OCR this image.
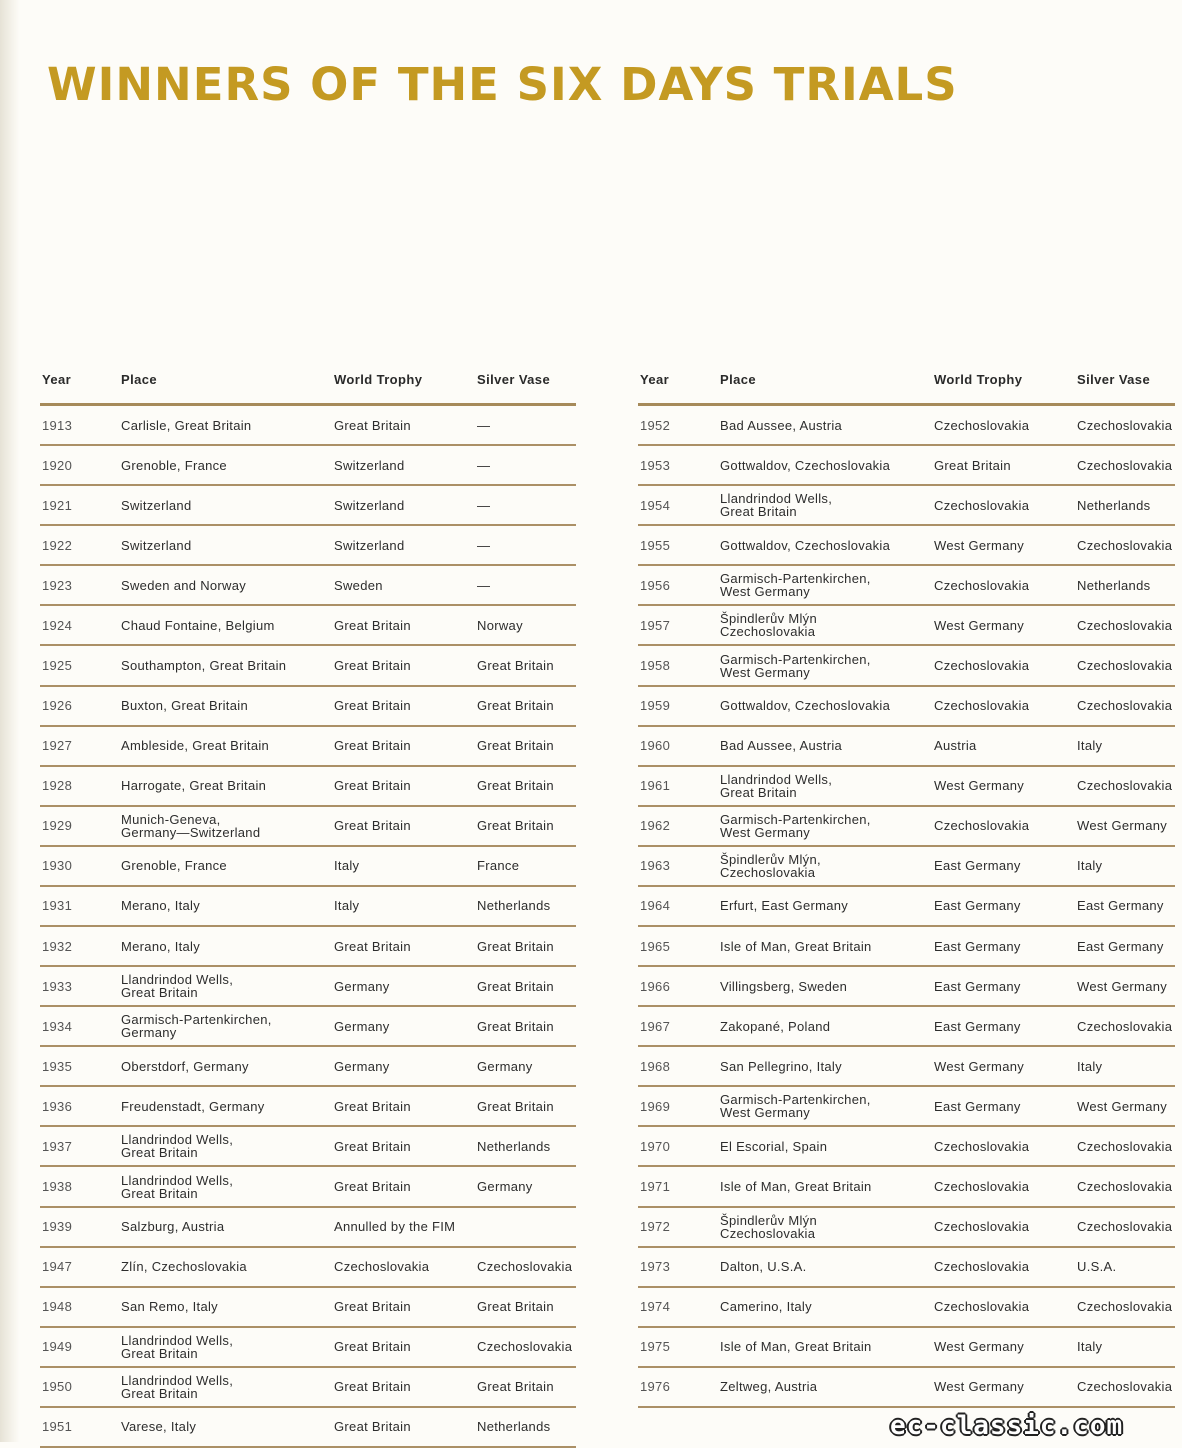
WINNERS OF THE SIX DAYS TRIALS
Year	Place	World Trophy	Silver Vase
1913	Carlisle, Great Britain	Great Britain	—
1920	Grenoble, France	Switzerland	—
1921	Switzerland	Switzerland	—
1922	Switzerland	Switzerland	—
1923	Sweden and Norway	Sweden	—
1924	Chaud Fontaine, Belgium	Great Britain	Norway
1925	Southampton, Great Britain	Great Britain	Great Britain
1926	Buxton, Great Britain	Great Britain	Great Britain
1927	Ambleside, Great Britain	Great Britain	Great Britain
1928	Harrogate, Great Britain	Great Britain	Great Britain
1929	Munich-Geneva,
Germany—Switzerland	Great Britain	Great Britain
1930	Grenoble, France	Italy	France
1931	Merano, Italy	Italy	Netherlands
1932	Merano, Italy	Great Britain	Great Britain
1933	Llandrindod Wells,
Great Britain	Germany	Great Britain
1934	Garmisch-Partenkirchen,
Germany	Germany	Great Britain
1935	Oberstdorf, Germany	Germany	Germany
1936	Freudenstadt, Germany	Great Britain	Great Britain
1937	Llandrindod Wells,
Great Britain	Great Britain	Netherlands
1938	Llandrindod Wells,
Great Britain	Great Britain	Germany
1939	Salzburg, Austria	Annulled by the FIM
1947	Zlín, Czechoslovakia	Czechoslovakia	Czechoslovakia
1948	San Remo, Italy	Great Britain	Great Britain
1949	Llandrindod Wells,
Great Britain	Great Britain	Czechoslovakia
1950	Llandrindod Wells,
Great Britain	Great Britain	Great Britain
1951	Varese, Italy	Great Britain	Netherlands
Year	Place	World Trophy	Silver Vase
1952	Bad Aussee, Austria	Czechoslovakia	Czechoslovakia
1953	Gottwaldov, Czechoslovakia	Great Britain	Czechoslovakia
1954	Llandrindod Wells,
Great Britain	Czechoslovakia	Netherlands
1955	Gottwaldov, Czechoslovakia	West Germany	Czechoslovakia
1956	Garmisch-Partenkirchen,
West Germany	Czechoslovakia	Netherlands
1957	Špindlerův Mlýn
Czechoslovakia	West Germany	Czechoslovakia
1958	Garmisch-Partenkirchen,
West Germany	Czechoslovakia	Czechoslovakia
1959	Gottwaldov, Czechoslovakia	Czechoslovakia	Czechoslovakia
1960	Bad Aussee, Austria	Austria	Italy
1961	Llandrindod Wells,
Great Britain	West Germany	Czechoslovakia
1962	Garmisch-Partenkirchen,
West Germany	Czechoslovakia	West Germany
1963	Špindlerův Mlýn,
Czechoslovakia	East Germany	Italy
1964	Erfurt, East Germany	East Germany	East Germany
1965	Isle of Man, Great Britain	East Germany	East Germany
1966	Villingsberg, Sweden	East Germany	West Germany
1967	Zakopané, Poland	East Germany	Czechoslovakia
1968	San Pellegrino, Italy	West Germany	Italy
1969	Garmisch-Partenkirchen,
West Germany	East Germany	West Germany
1970	El Escorial, Spain	Czechoslovakia	Czechoslovakia
1971	Isle of Man, Great Britain	Czechoslovakia	Czechoslovakia
1972	Špindlerův Mlýn
Czechoslovakia	Czechoslovakia	Czechoslovakia
1973	Dalton, U.S.A.	Czechoslovakia	U.S.A.
1974	Camerino, Italy	Czechoslovakia	Czechoslovakia
1975	Isle of Man, Great Britain	West Germany	Italy
1976	Zeltweg, Austria	West Germany	Czechoslovakia
ec-classic.com
